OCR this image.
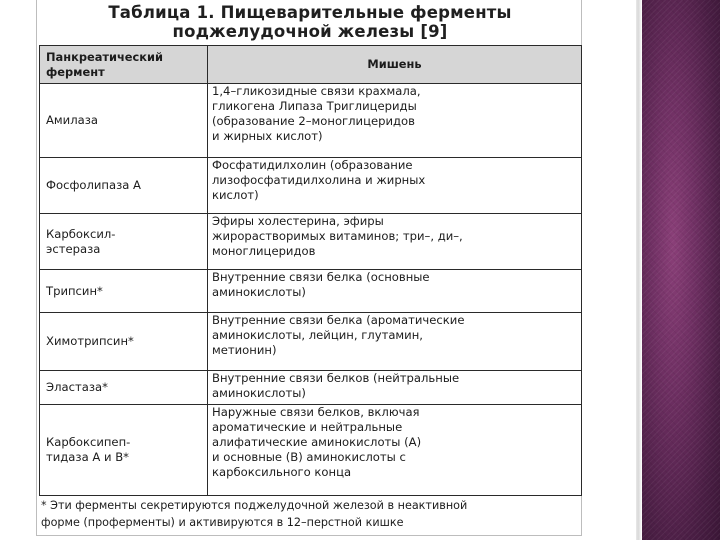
Таблица 1. Пищеварительные ферменты
поджелудочной железы [9]
Панкреатический
фермент	Мишень

Амилаза	1,4–гликозидные связи крахмала,
гликогена Липаза Триглицериды
(образование 2–моноглицеридов
и жирных кислот)

Фосфолипаза А	Фосфатидилхолин (образование
лизофосфатидилхолина и жирных
кислот)

Карбоксил-
эстераза	Эфиры холестерина, эфиры
жирорастворимых витаминов; три–, ди–,
моноглицеридов

Трипсин*	Внутренние связи белка (основные
аминокислоты)

Химотрипсин*	Внутренние связи белка (ароматические
аминокислоты, лейцин, глутамин,
метионин)

Эластаза*	Внутренние связи белков (нейтральные
аминокислоты)

Карбоксипеп-
тидаза А и В*	Наружные связи белков, включая
ароматические и нейтральные
алифатические аминокислоты (А)
и основные (В) аминокислоты с
карбоксильного конца
* Эти ферменты секретируются поджелудочной железой в неактивной
форме (проферменты) и активируются в 12–перстной кишке
